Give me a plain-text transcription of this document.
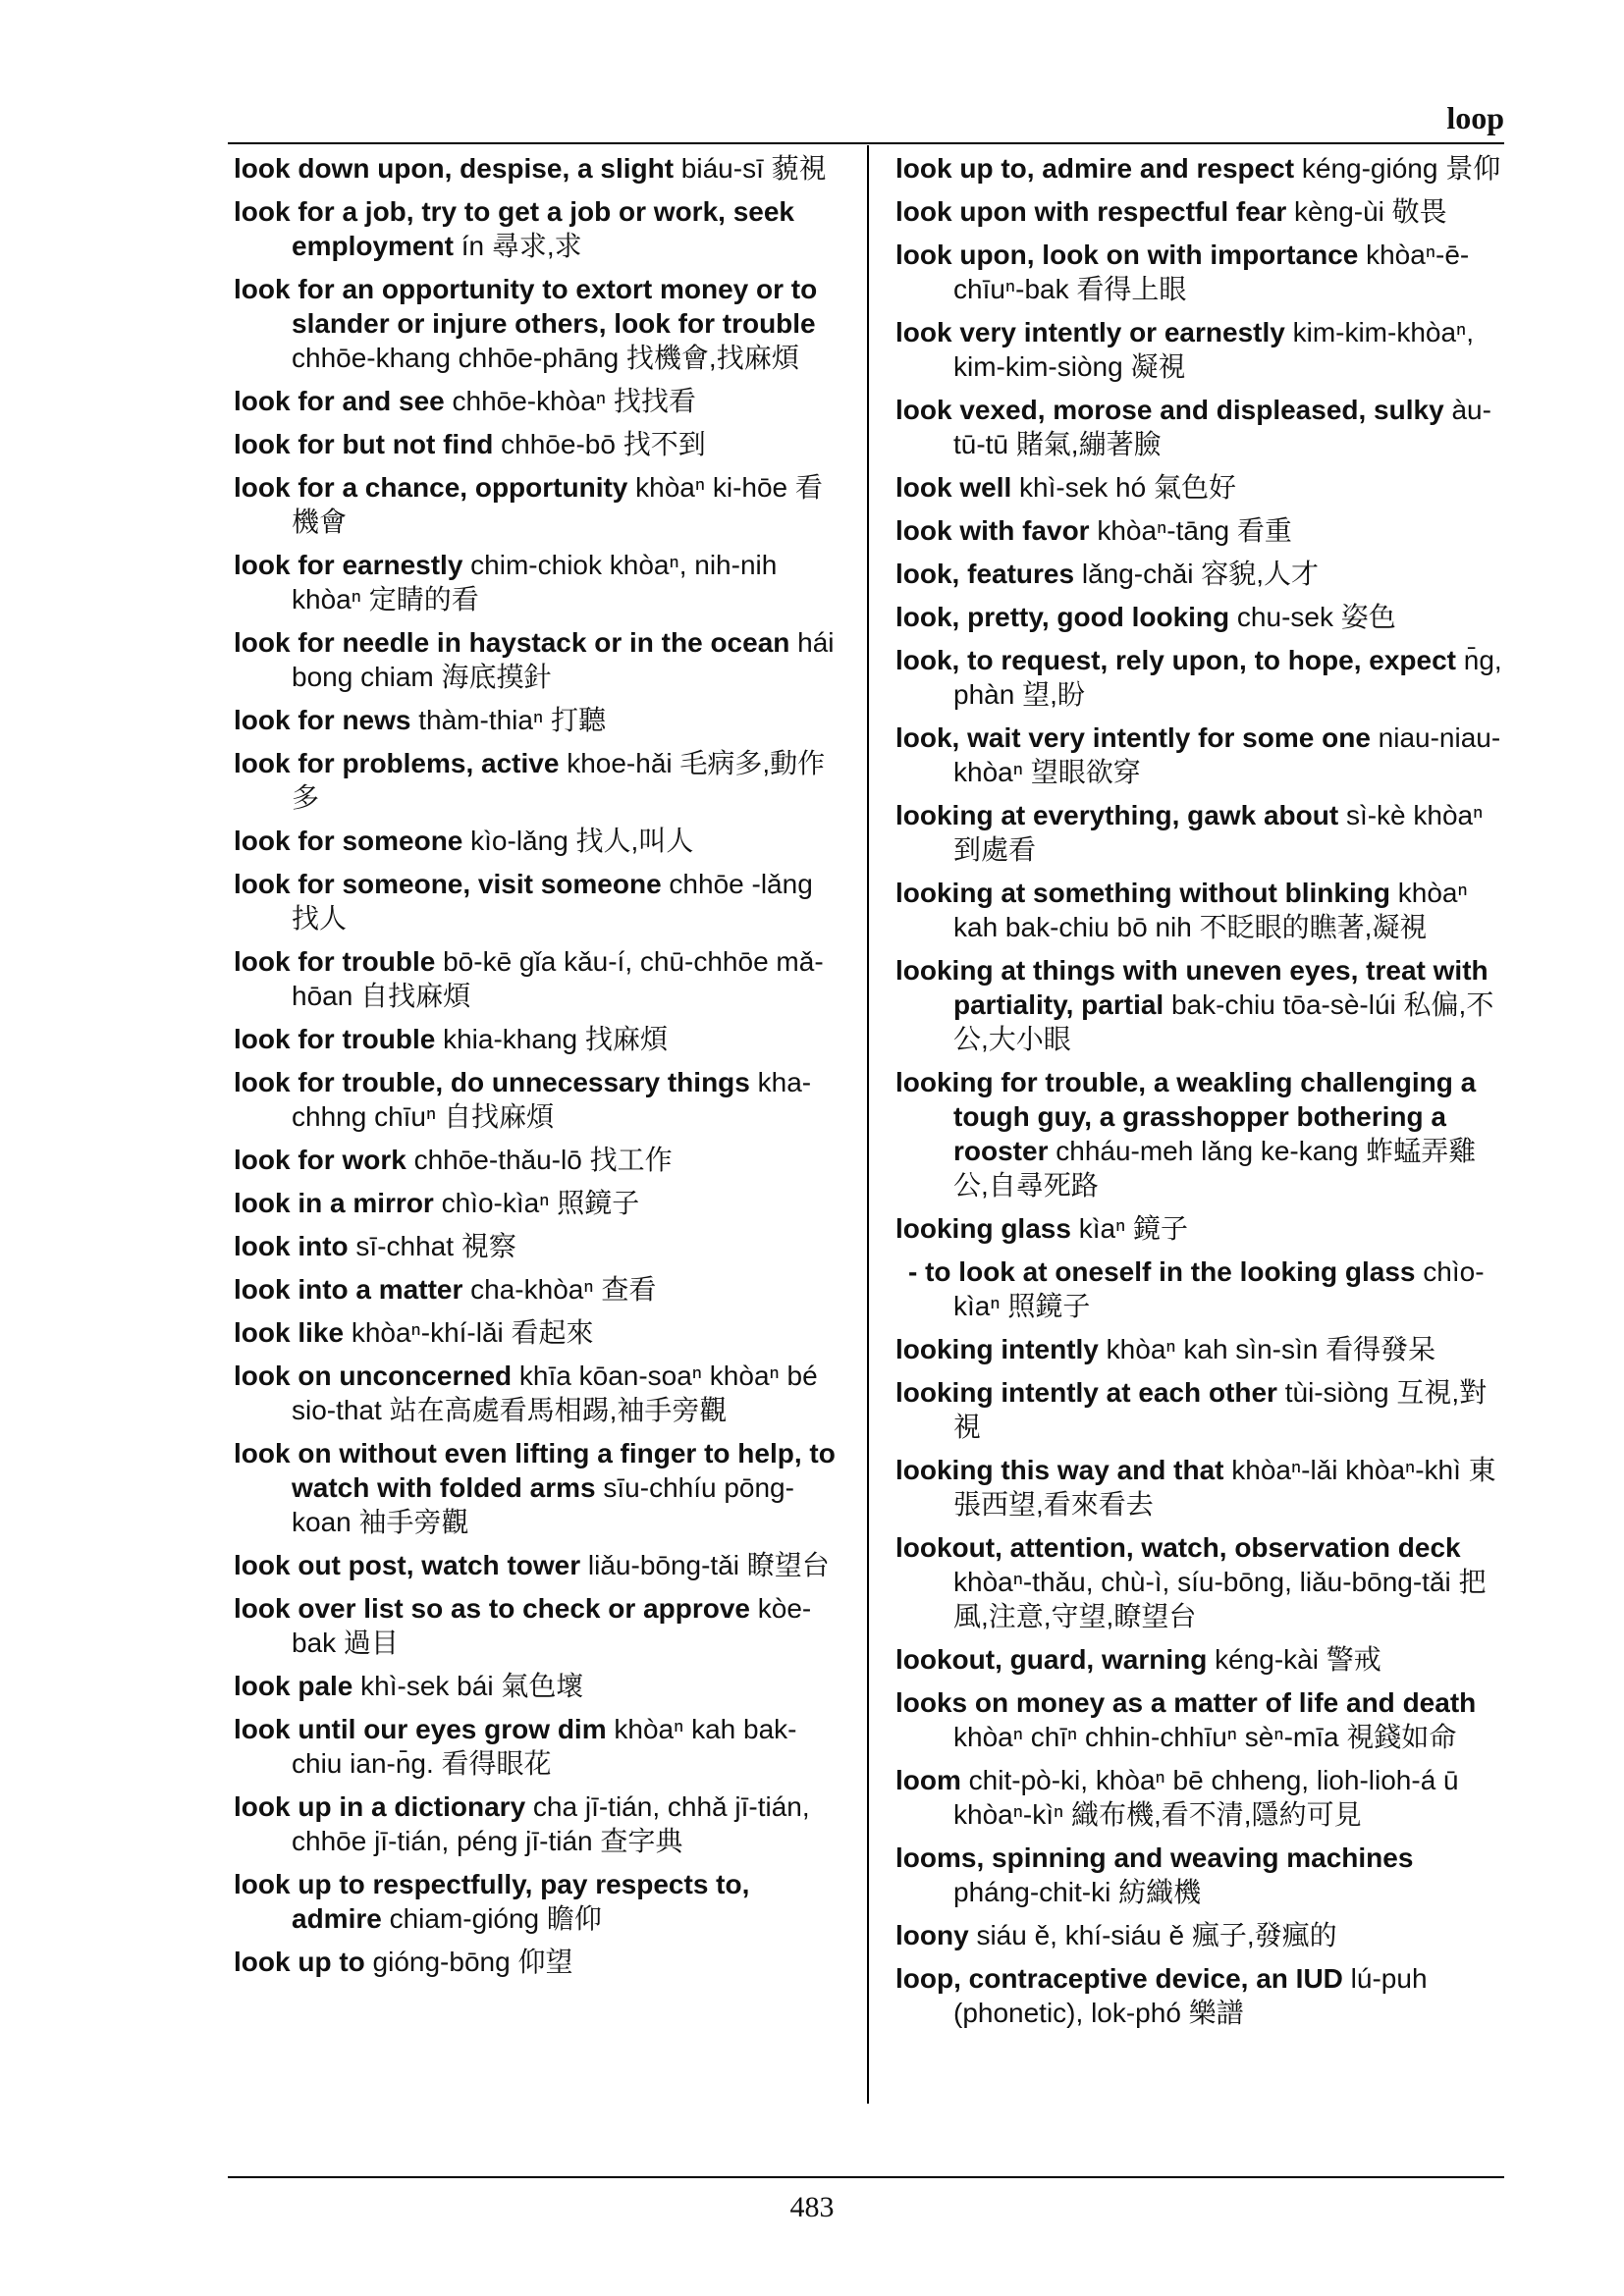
loop

look down upon, despise, a slight biáu-sī 藐視

look for a job, try to get a job or work, seek employment ín 尋求,求

look for an opportunity to extort money or to slander or injure others, look for trouble chhōe-khang chhōe-phāng 找機會,找麻煩

look for and see chhōe-khòaⁿ 找找看

look for but not find chhōe-bō 找不到

look for a chance, opportunity khòaⁿ ki-hōe 看機會

look for earnestly chim-chiok khòaⁿ, nih-nih khòaⁿ 定睛的看

look for needle in haystack or in the ocean hái bong chiam 海底摸針

look for news thàm-thiaⁿ 打聽

look for problems, active khoe-hǎi 毛病多,動作多

look for someone kìo-lǎng 找人,叫人

look for someone, visit someone chhōe -lǎng 找人

look for trouble bō-kē gǐa kǎu-í, chū-chhōe mǎ-hōan 自找麻煩

look for trouble khia-khang 找麻煩

look for trouble, do unnecessary things kha-chhng chīuⁿ 自找麻煩

look for work chhōe-thǎu-lō 找工作

look in a mirror chìo-kìaⁿ 照鏡子

look into sī-chhat 視察

look into a matter cha-khòaⁿ 查看

look like khòaⁿ-khí-lǎi 看起來

look on unconcerned khīa kōan-soaⁿ khòaⁿ bé sio-that 站在高處看馬相踢,袖手旁觀

look on without even lifting a finger to help, to watch with folded arms sīu-chhíu pōng-koan 袖手旁觀

look out post, watch tower liǎu-bōng-tǎi 瞭望台

look over list so as to check or approve kòe-bak 過目

look pale khì-sek bái 氣色壞

look until our eyes grow dim khòaⁿ kah bak-chiu ian-n̄g. 看得眼花

look up in a dictionary cha jī-tián, chhǎ jī-tián, chhōe jī-tián, péng jī-tián 查字典

look up to respectfully, pay respects to, admire chiam-gióng 瞻仰

look up to gióng-bōng 仰望

look up to, admire and respect kéng-gióng 景仰

look upon with respectful fear kèng-ùi 敬畏

look upon, look on with importance khòaⁿ-ē-chīuⁿ-bak 看得上眼

look very intently or earnestly kim-kim-khòaⁿ, kim-kim-siòng 凝視

look vexed, morose and displeased, sulky àu-tū-tū 賭氣,繃著臉

look well khì-sek hó 氣色好

look with favor khòaⁿ-tāng 看重

look, features lǎng-chǎi 容貌,人才

look, pretty, good looking chu-sek 姿色

look, to request, rely upon, to hope, expect n̄g, phàn 望,盼

look, wait very intently for some one niau-niau-khòaⁿ 望眼欲穿

looking at everything, gawk about sì-kè khòaⁿ 到處看

looking at something without blinking khòaⁿ kah bak-chiu bō nih 不眨眼的瞧著,凝視

looking at things with uneven eyes, treat with partiality, partial bak-chiu tōa-sè-lúi 私偏,不公,大小眼

looking for trouble, a weakling challenging a tough guy, a grasshopper bothering a rooster chháu-meh lǎng ke-kang 蚱蜢弄雞公,自尋死路

looking glass kìaⁿ 鏡子

- to look at oneself in the looking glass chìo-kìaⁿ 照鏡子

looking intently khòaⁿ kah sìn-sìn 看得發呆

looking intently at each other tùi-siòng 互視,對視

looking this way and that khòaⁿ-lǎi khòaⁿ-khì 東張西望,看來看去

lookout, attention, watch, observation deck khòaⁿ-thǎu, chù-ì, síu-bōng, liǎu-bōng-tǎi 把風,注意,守望,瞭望台

lookout, guard, warning kéng-kài 警戒

looks on money as a matter of life and death khòaⁿ chīⁿ chhin-chhīuⁿ sèⁿ-mīa 視錢如命

loom chit-pò-ki, khòaⁿ bē chheng, lioh-lioh-á ū khòaⁿ-kìⁿ 織布機,看不清,隱約可見

looms, spinning and weaving machines pháng-chit-ki 紡織機

loony siáu ě, khí-siáu ě 瘋子,發瘋的

loop, contraceptive device, an IUD lú-puh (phonetic), lok-phó 樂譜

483
